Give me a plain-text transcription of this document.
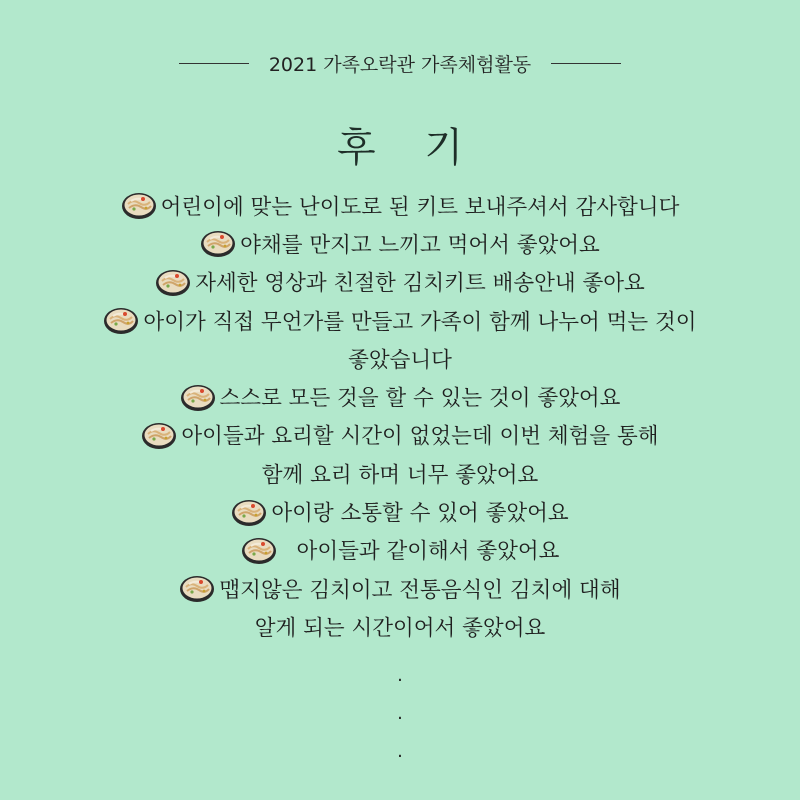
2021 가족오락관 가족체험활동
후 기
어린이에 맞는 난이도로 된 키트 보내주셔서 감사합니다
야채를 만지고 느끼고 먹어서 좋았어요
자세한 영상과 친절한 김치키트 배송안내 좋아요
아이가 직접 무언가를 만들고 가족이 함께 나누어 먹는 것이
좋았습니다
스스로 모든 것을 할 수 있는 것이 좋았어요
아이들과 요리할 시간이 없었는데 이번 체험을 통해
함께 요리 하며 너무 좋았어요
아이랑 소통할 수 있어 좋았어요
아이들과 같이해서 좋았어요
맵지않은 김치이고 전통음식인 김치에 대해
알게 되는 시간이어서 좋았어요
.
.
.
